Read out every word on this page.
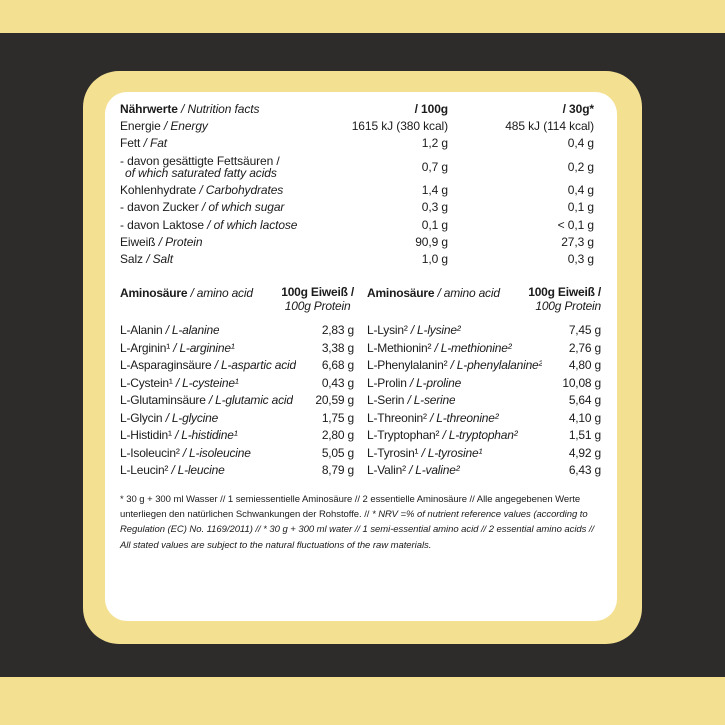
Nährwerte / Nutrition facts	/ 100g	/ 30g*
Energie / Energy	1615 kJ (380 kcal)	485 kJ (114 kcal)
Fett / Fat	1,2 g	0,4 g
- davon gesättigte Fettsäuren /
of which saturated fatty acids	0,7 g	0,2 g
Kohlenhydrate / Carbohydrates	1,4 g	0,4 g
- davon Zucker / of which sugar	0,3 g	0,1 g
- davon Laktose / of which lactose	0,1 g	< 0,1 g
Eiweiß / Protein	90,9 g	27,3 g
Salz / Salt	1,0 g	0,3 g
Aminosäure / amino acid 100g Eiweiß /
100g Protein
L-Alanin / L-alanine	2,83 g
L-Arginin¹ / L-arginine¹	3,38 g
L-Asparaginsäure / L-aspartic acid	6,68 g
L-Cystein¹ / L-cysteine¹	0,43 g
L-Glutaminsäure / L-glutamic acid	20,59 g
L-Glycin / L-glycine	1,75 g
L-Histidin¹ / L-histidine¹	2,80 g
L-Isoleucin² / L-isoleucine	5,05 g
L-Leucin² / L-leucine	8,79 g
Aminosäure / amino acid 100g Eiweiß /
100g Protein
L-Lysin² / L-lysine²	7,45 g
L-Methionin² / L-methionine²	2,76 g
L-Phenylalanin² / L-phenylalanine²	4,80 g
L-Prolin / L-proline	10,08 g
L-Serin / L-serine	5,64 g
L-Threonin² / L-threonine²	4,10 g
L-Tryptophan² / L-tryptophan²	1,51 g
L-Tyrosin¹ / L-tyrosine¹	4,92 g
L-Valin² / L-valine²	6,43 g
* 30 g + 300 ml Wasser // 1 semiessentielle Aminosäure // 2 essentielle Aminosäure // Alle angegebenen Werte unterliegen den natürlichen Schwankungen der Rohstoffe. // * NRV =% of nutrient reference values (according to Regulation (EC) No. 1169/2011) // * 30 g + 300 ml water // 1 semi-essential amino acid // 2 essential amino acids // All stated values are subject to the natural fluctuations of the raw materials.
